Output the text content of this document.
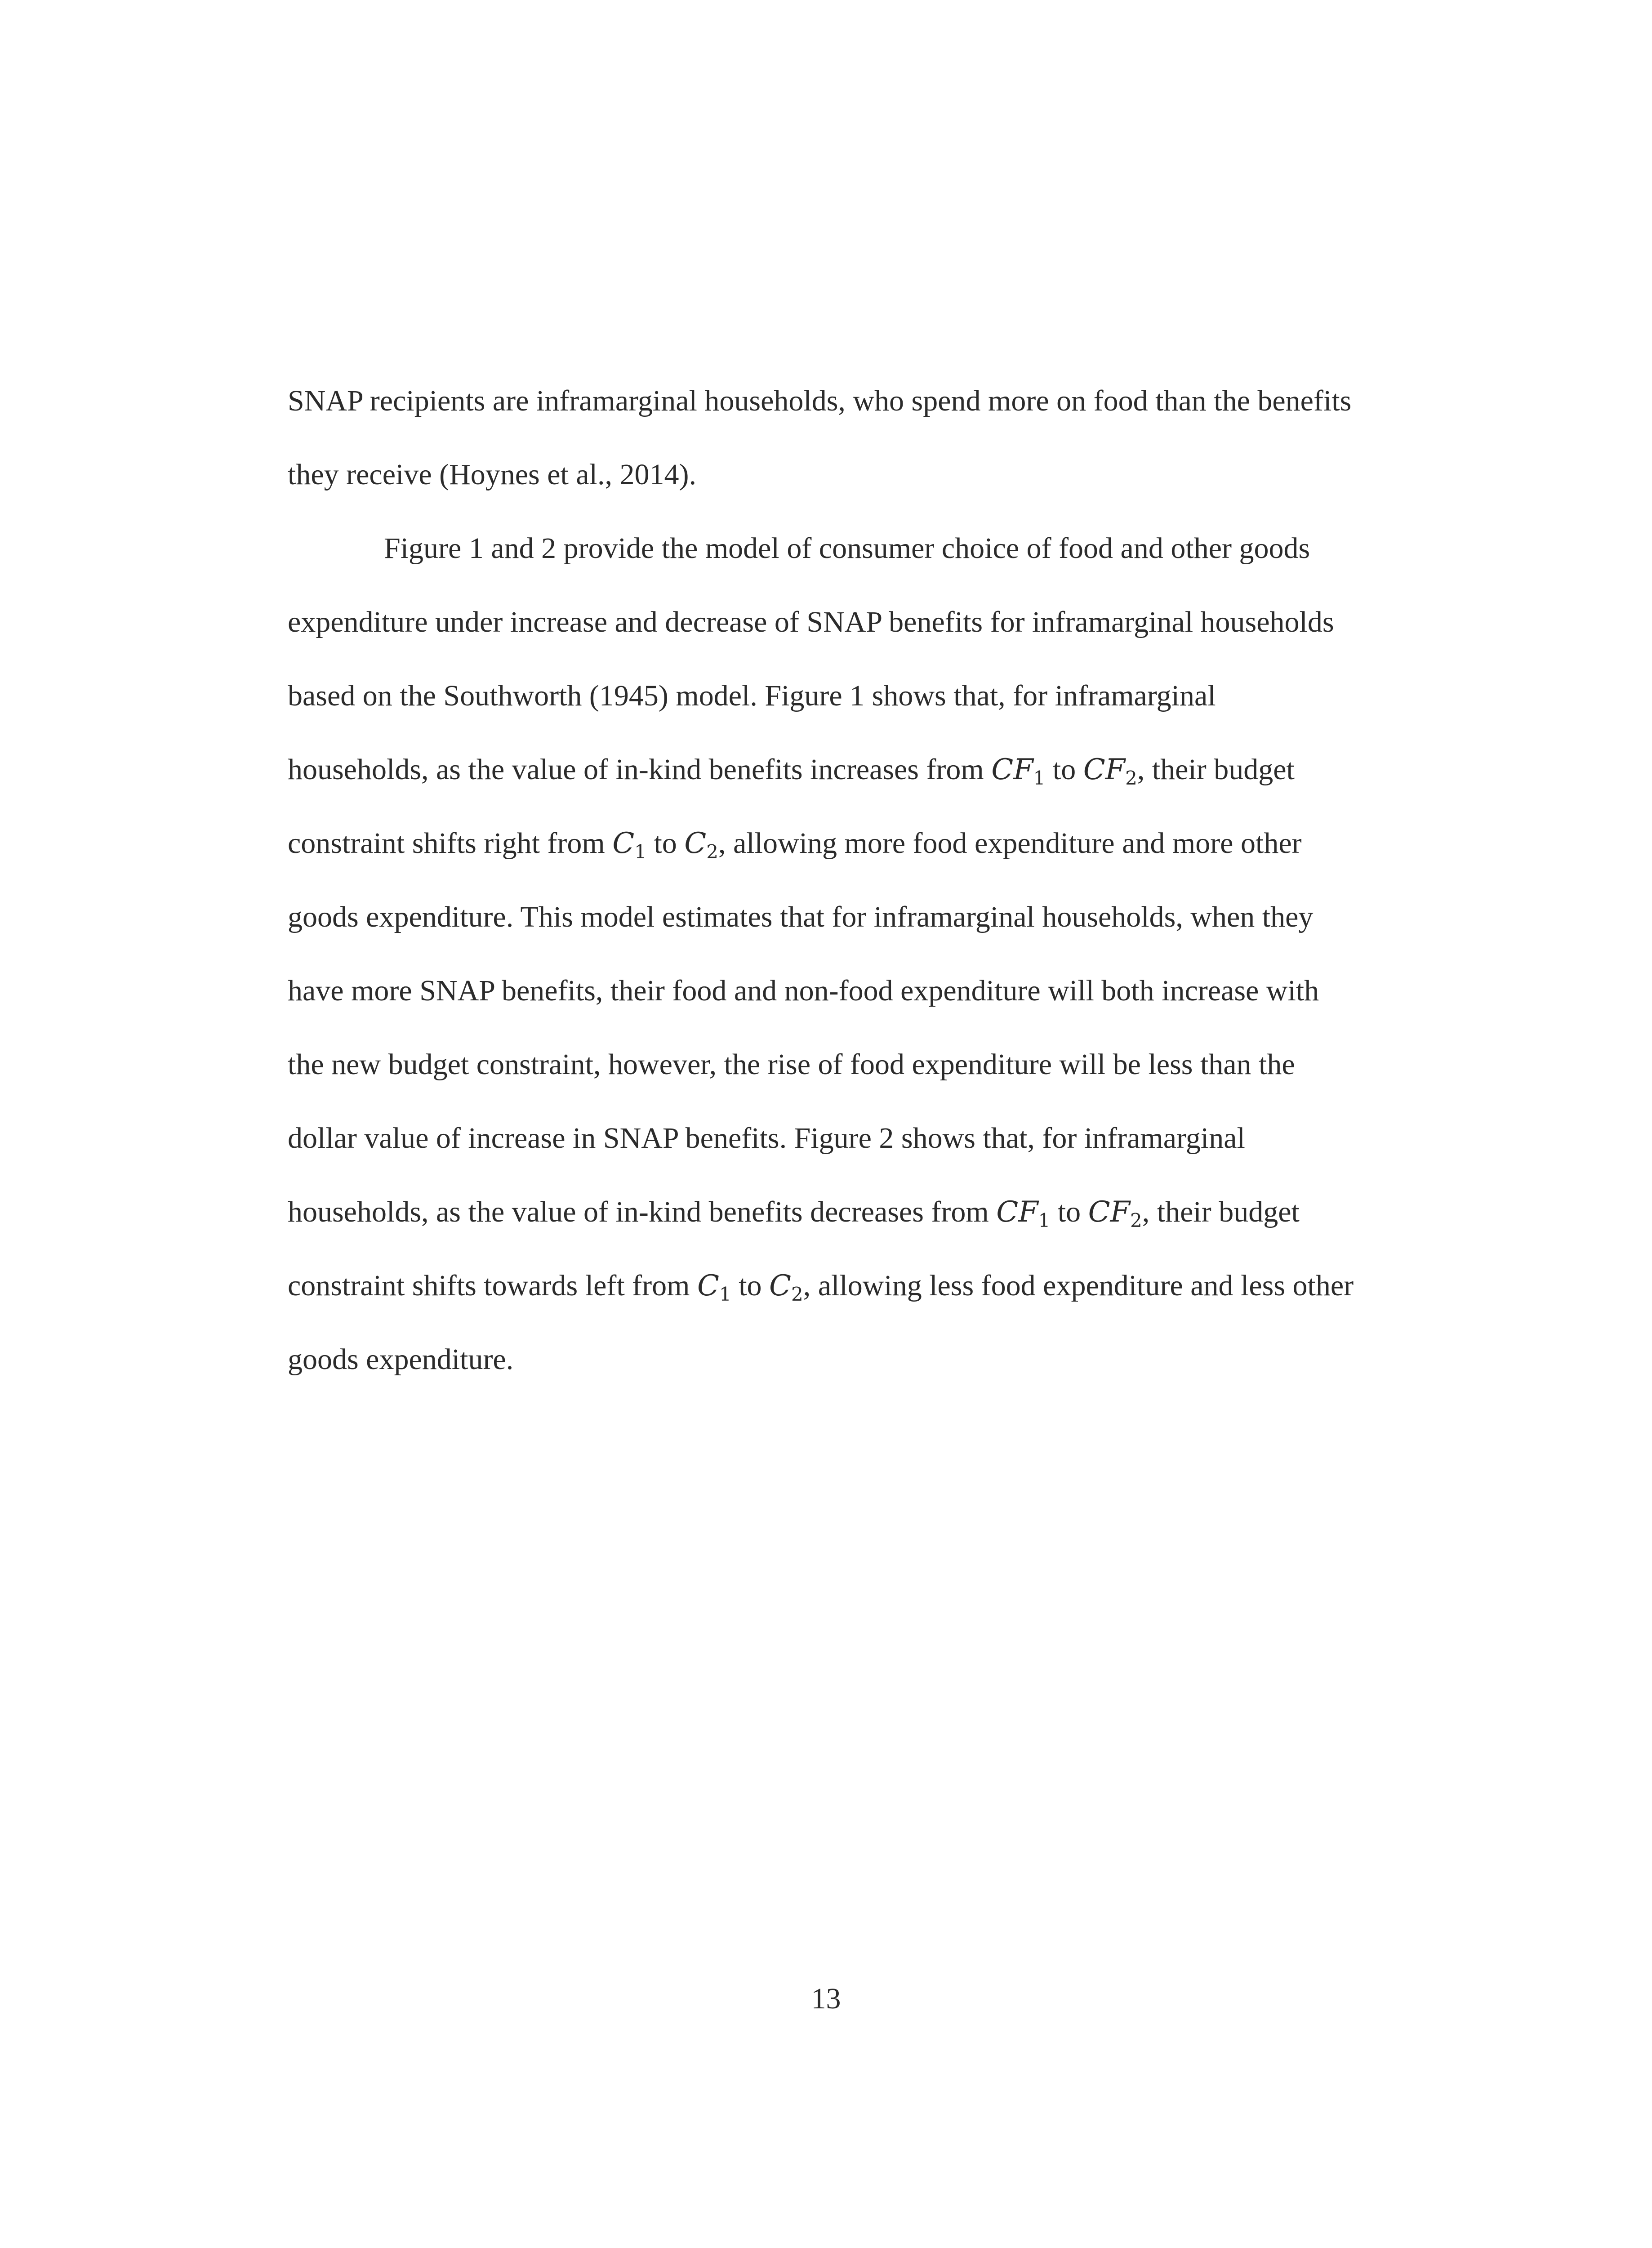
SNAP recipients are inframarginal households, who spend more on food than the benefits
they receive (Hoynes et al., 2014).
Figure 1 and 2 provide the model of consumer choice of food and other goods
expenditure under increase and decrease of SNAP benefits for inframarginal households
based on the Southworth (1945) model. Figure 1 shows that, for inframarginal
households, as the value of in-kind benefits increases from $CF_1$ to $CF_2$, their budget
constraint shifts right from $C_1$ to $C_2$, allowing more food expenditure and more other
goods expenditure. This model estimates that for inframarginal households, when they
have more SNAP benefits, their food and non-food expenditure will both increase with
the new budget constraint, however, the rise of food expenditure will be less than the
dollar value of increase in SNAP benefits. Figure 2 shows that, for inframarginal
households, as the value of in-kind benefits decreases from $CF_1$ to $CF_2$, their budget
constraint shifts towards left from $C_1$ to $C_2$, allowing less food expenditure and less other
goods expenditure.
13
